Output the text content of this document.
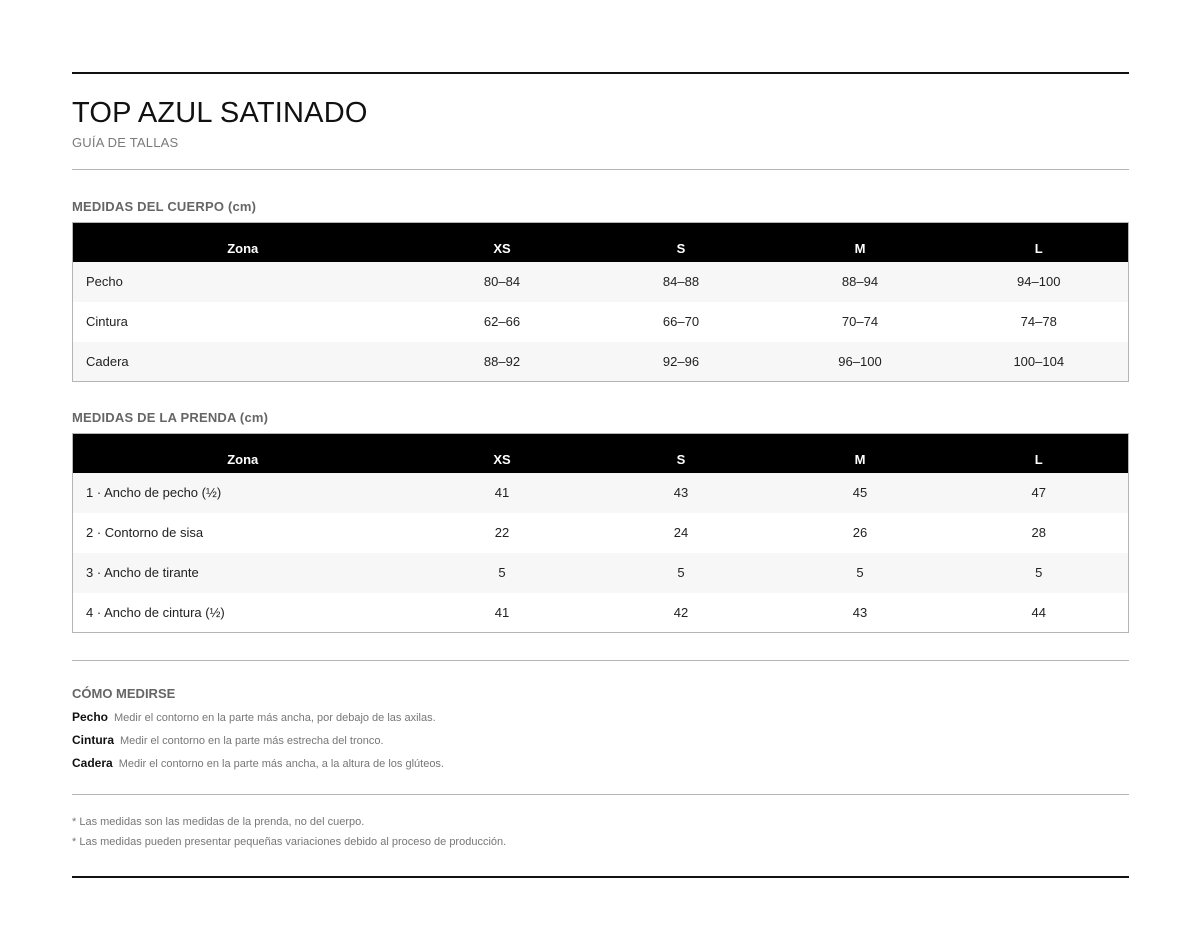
TOP AZUL SATINADO
GUÍA DE TALLAS
MEDIDAS DEL CUERPO (cm)
Zona	XS	S	M	L
Pecho	80–84	84–88	88–94	94–100
Cintura	62–66	66–70	70–74	74–78
Cadera	88–92	92–96	96–100	100–104
MEDIDAS DE LA PRENDA (cm)
Zona	XS	S	M	L
1 · Ancho de pecho (½)	41	43	45	47
2 · Contorno de sisa	22	24	26	28
3 · Ancho de tirante	5	5	5	5
4 · Ancho de cintura (½)	41	42	43	44
CÓMO MEDIRSE
Pecho Medir el contorno en la parte más ancha, por debajo de las axilas.
Cintura Medir el contorno en la parte más estrecha del tronco.
Cadera Medir el contorno en la parte más ancha, a la altura de los glúteos.
* Las medidas son las medidas de la prenda, no del cuerpo.
* Las medidas pueden presentar pequeñas variaciones debido al proceso de producción.
